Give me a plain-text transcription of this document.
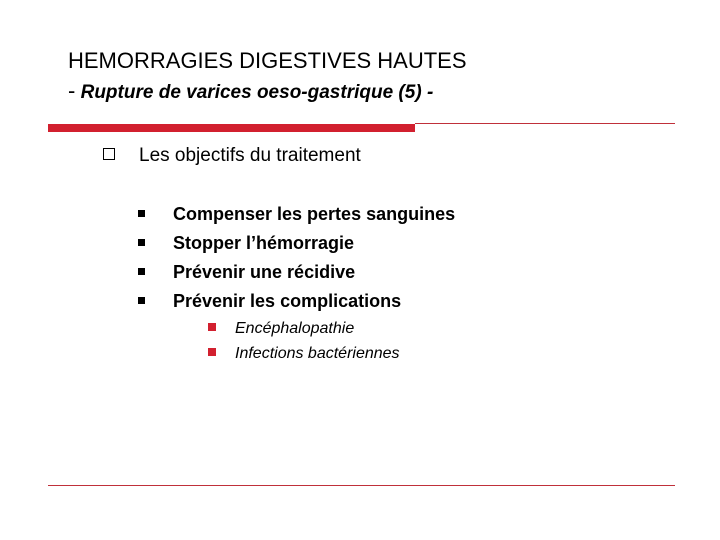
HEMORRAGIES DIGESTIVES HAUTES
- Rupture de varices oeso-gastrique (5) -
Les objectifs du traitement
Compenser les pertes sanguines
Stopper l’hémorragie
Prévenir une récidive
Prévenir les complications
Encéphalopathie
Infections bactériennes
